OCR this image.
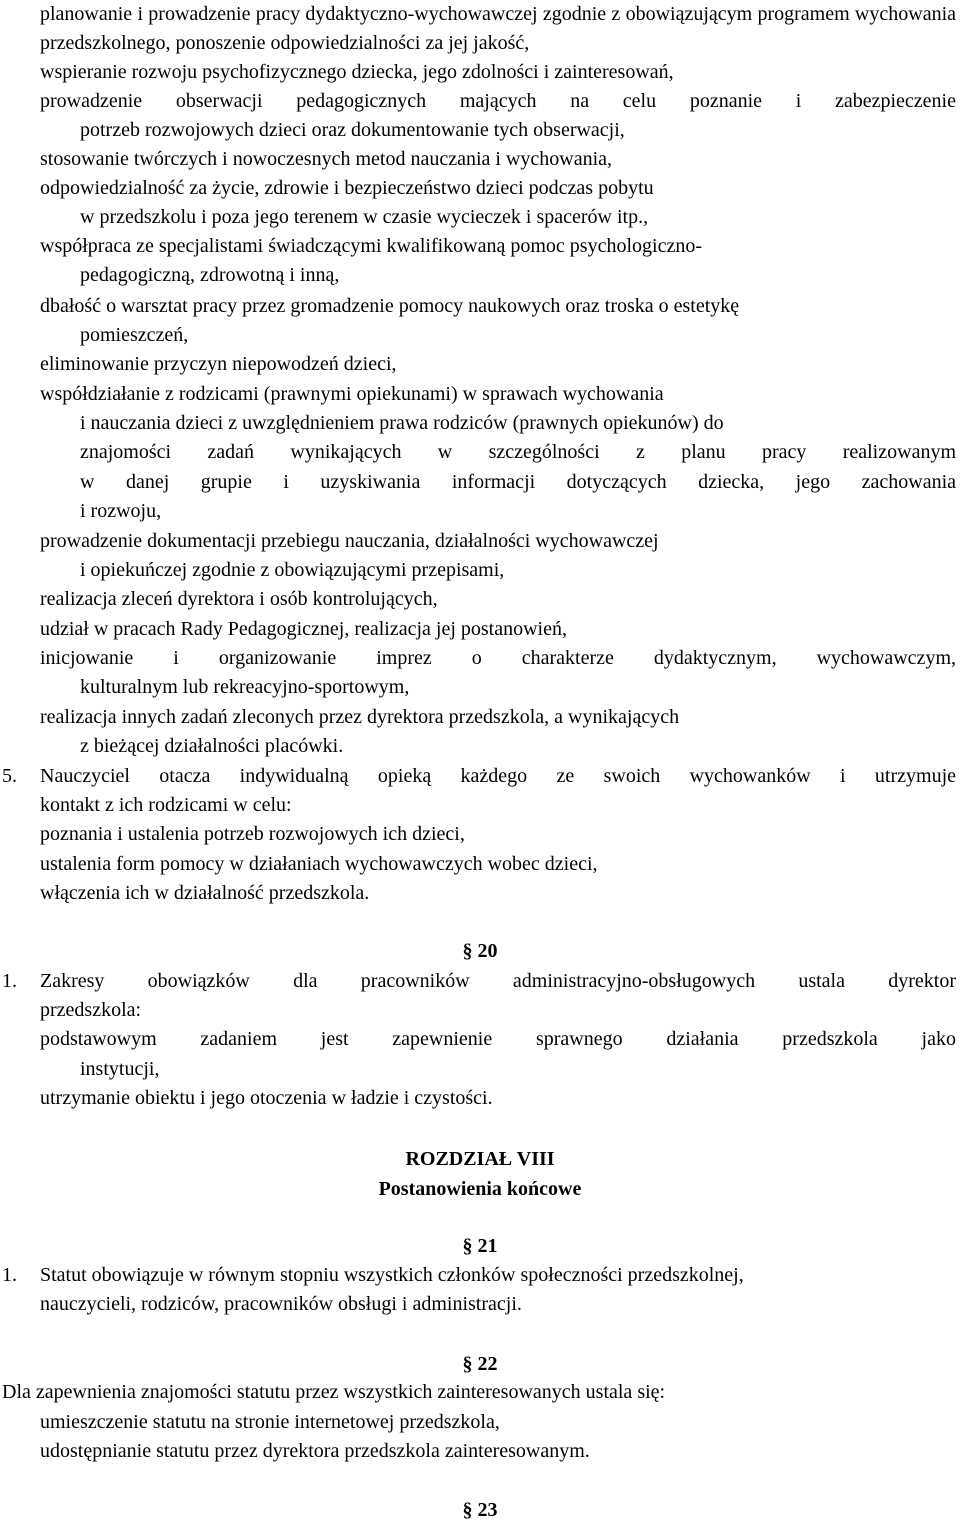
planowanie i prowadzenie pracy dydaktyczno-wychowawczej zgodnie z obowiązującym programem wychowania przedszkolnego, ponoszenie odpowiedzialności za jej jakość,

wspieranie rozwoju psychofizycznego dziecka, jego zdolności i zainteresowań,

prowadzenie obserwacji pedagogicznych mających na celu poznanie i zabezpieczenie

potrzeb rozwojowych dzieci oraz dokumentowanie tych obserwacji,

stosowanie twórczych i nowoczesnych metod nauczania i wychowania,

odpowiedzialność za życie, zdrowie i bezpieczeństwo dzieci podczas pobytu

w przedszkolu i poza jego terenem w czasie wycieczek i spacerów itp.,

współpraca ze specjalistami świadczącymi kwalifikowaną pomoc psychologiczno-

pedagogiczną, zdrowotną i inną,

dbałość o warsztat pracy przez gromadzenie pomocy naukowych oraz troska o estetykę

pomieszczeń,

eliminowanie przyczyn niepowodzeń dzieci,

współdziałanie z rodzicami (prawnymi opiekunami) w sprawach wychowania

i nauczania dzieci z uwzględnieniem prawa rodziców (prawnych opiekunów) do

znajomości zadań wynikających w szczególności z planu pracy realizowanym

w danej grupie i uzyskiwania informacji dotyczących dziecka, jego zachowania

i rozwoju,

prowadzenie dokumentacji przebiegu nauczania, działalności wychowawczej

i opiekuńczej zgodnie z obowiązującymi przepisami,

realizacja zleceń dyrektora i osób kontrolujących,

udział w pracach Rady Pedagogicznej, realizacja jej postanowień,

inicjowanie i organizowanie imprez o charakterze dydaktycznym, wychowawczym,

kulturalnym lub rekreacyjno-sportowym,

realizacja innych zadań zleconych przez dyrektora przedszkola, a wynikających

z bieżącej działalności placówki.

5.	Nauczyciel otacza indywidualną opieką każdego ze swoich wychowanków i utrzymuje

kontakt z ich rodzicami w celu:

poznania i ustalenia potrzeb rozwojowych ich dzieci,

ustalenia form pomocy w działaniach wychowawczych wobec dzieci,

włączenia ich w działalność przedszkola.

§ 20
1.	Zakresy obowiązków dla pracowników administracyjno-obsługowych ustala dyrektor

przedszkola:

podstawowym zadaniem jest zapewnienie sprawnego działania przedszkola jako

instytucji,

utrzymanie obiektu i jego otoczenia w ładzie i czystości.

ROZDZIAŁ VIII
Postanowienia końcowe
§ 21
1.	Statut obowiązuje w równym stopniu wszystkich członków społeczności przedszkolnej,

nauczycieli, rodziców, pracowników obsługi i administracji.

§ 22

Dla zapewnienia znajomości statutu przez wszystkich zainteresowanych ustala się:

umieszczenie statutu na stronie internetowej przedszkola,

udostępnianie statutu przez dyrektora przedszkola zainteresowanym.

§ 23
